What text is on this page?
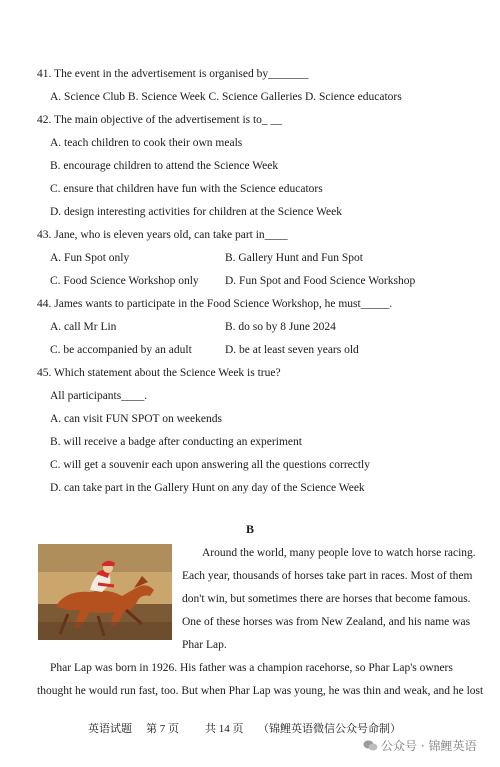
41. The event in the advertisement is organised by_______
A. Science Club B. Science Week C. Science Galleries D. Science educators
42. The main objective of the advertisement is to_ __
A. teach children to cook their own meals
B. encourage children to attend the Science Week
C. ensure that children have fun with the Science educators
D. design interesting activities for children at the Science Week
43. Jane, who is eleven years old, can take part in____
A. Fun Spot only	B. Gallery Hunt and Fun Spot
C. Food Science Workshop only D. Fun Spot and Food Science Workshop
44. James wants to participate in the Food Science Workshop, he must_____.
A. call Mr Lin	B. do so by 8 June 2024
C. be accompanied by an adult	D. be at least seven years old
45. Which statement about the Science Week is true?
All participants____.
A. can visit FUN SPOT on weekends
B. will receive a badge after conducting an experiment
C. will get a souvenir each upon answering all the questions correctly
D. can take part in the Gallery Hunt on any day of the Science Week
B
Around the world, many people love to watch horse racing.
Each year, thousands of horses take part in races. Most of them
don't win, but sometimes there are horses that become famous.
One of these horses was from New Zealand, and his name was
Phar Lap.
Phar Lap was born in 1926. His father was a champion racehorse, so Phar Lap's owners
thought he would run fast, too. But when Phar Lap was young, he was thin and weak, and he lost
英语试题 第 7 页 共 14 页 （锦鲤英语微信公众号命制）
公众号 · 锦鲤英语
